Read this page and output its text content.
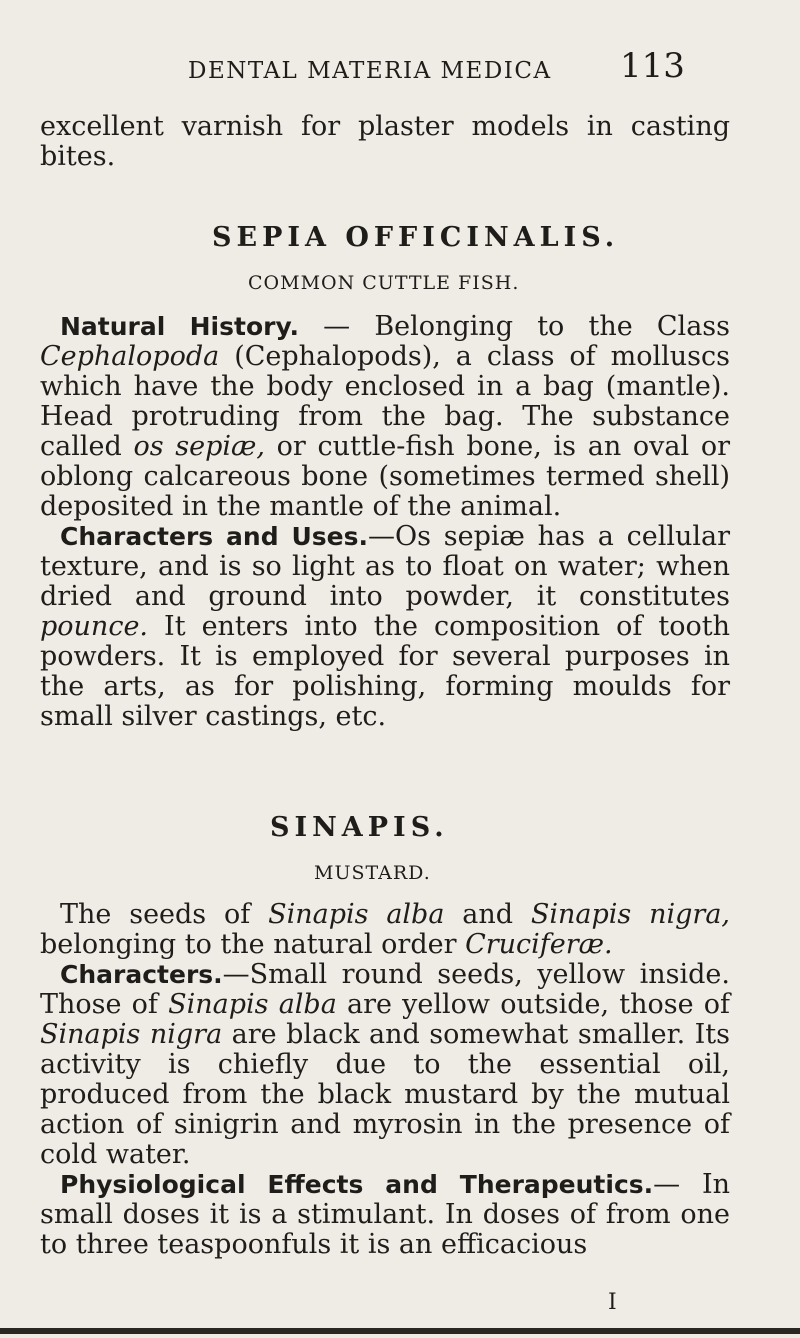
DENTAL MATERIA MEDICA 113

excellent varnish for plaster models in casting bites.

SEPIA OFFICINALIS.
COMMON CUTTLE FISH.

Natural History. — Belonging to the Class Cephalopoda (Cephalopods), a class of molluscs which have the body enclosed in a bag (mantle). Head protruding from the bag. The substance called os sepiæ, or cuttle-fish bone, is an oval or oblong calcareous bone (sometimes termed shell) deposited in the mantle of the animal.

Characters and Uses.—Os sepiæ has a cellular texture, and is so light as to float on water; when dried and ground into powder, it constitutes pounce. It enters into the composition of tooth powders. It is employed for several purposes in the arts, as for polishing, forming moulds for small silver castings, etc.

SINAPIS.
MUSTARD.

The seeds of Sinapis alba and Sinapis nigra, belonging to the natural order Cruciferæ.

Characters.—Small round seeds, yellow inside. Those of Sinapis alba are yellow outside, those of Sinapis nigra are black and somewhat smaller. Its activity is chiefly due to the essential oil, produced from the black mustard by the mutual action of sinigrin and myrosin in the presence of cold water.

Physiological Effects and Therapeutics.— In small doses it is a stimulant. In doses of from one to three teaspoonfuls it is an efficacious

I
